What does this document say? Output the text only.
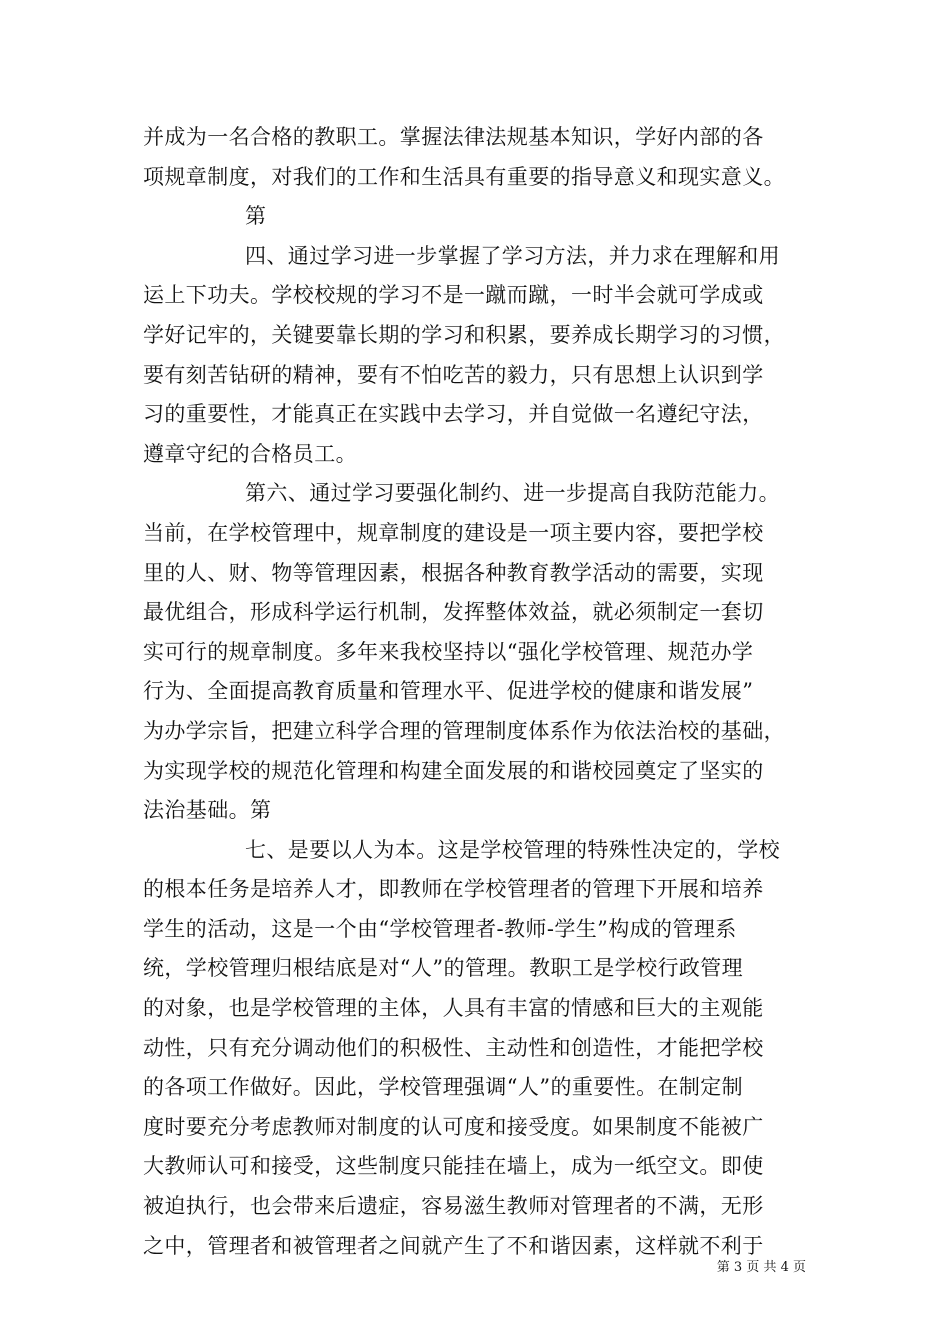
并成为一名合格的教职工。掌握法律法规基本知识，学好内部的各
项规章制度，对我们的工作和生活具有重要的指导意义和现实意义。
第
四、通过学习进一步掌握了学习方法，并力求在理解和用
运上下功夫。学校校规的学习不是一蹴而蹴，一时半会就可学成或
学好记牢的，关键要靠长期的学习和积累，要养成长期学习的习惯，
要有刻苦钻研的精神，要有不怕吃苦的毅力，只有思想上认识到学
习的重要性，才能真正在实践中去学习，并自觉做一名遵纪守法，
遵章守纪的合格员工。
第六、通过学习要强化制约、进一步提高自我防范能力。
当前，在学校管理中，规章制度的建设是一项主要内容，要把学校
里的人、财、物等管理因素，根据各种教育教学活动的需要，实现
最优组合，形成科学运行机制，发挥整体效益，就必须制定一套切
实可行的规章制度。多年来我校坚持以“强化学校管理、规范办学
行为、全面提高教育质量和管理水平、促进学校的健康和谐发展”
为办学宗旨，把建立科学合理的管理制度体系作为依法治校的基础，
为实现学校的规范化管理和构建全面发展的和谐校园奠定了坚实的
法治基础。第
七、是要以人为本。这是学校管理的特殊性决定的，学校
的根本任务是培养人才，即教师在学校管理者的管理下开展和培养
学生的活动，这是一个由“学校管理者-教师-学生”构成的管理系
统，学校管理归根结底是对“人”的管理。教职工是学校行政管理
的对象，也是学校管理的主体，人具有丰富的情感和巨大的主观能
动性，只有充分调动他们的积极性、主动性和创造性，才能把学校
的各项工作做好。因此，学校管理强调“人”的重要性。在制定制
度时要充分考虑教师对制度的认可度和接受度。如果制度不能被广
大教师认可和接受，这些制度只能挂在墙上，成为一纸空文。即使
被迫执行，也会带来后遗症，容易滋生教师对管理者的不满，无形
之中，管理者和被管理者之间就产生了不和谐因素，这样就不利于
第 3 页 共 4 页
